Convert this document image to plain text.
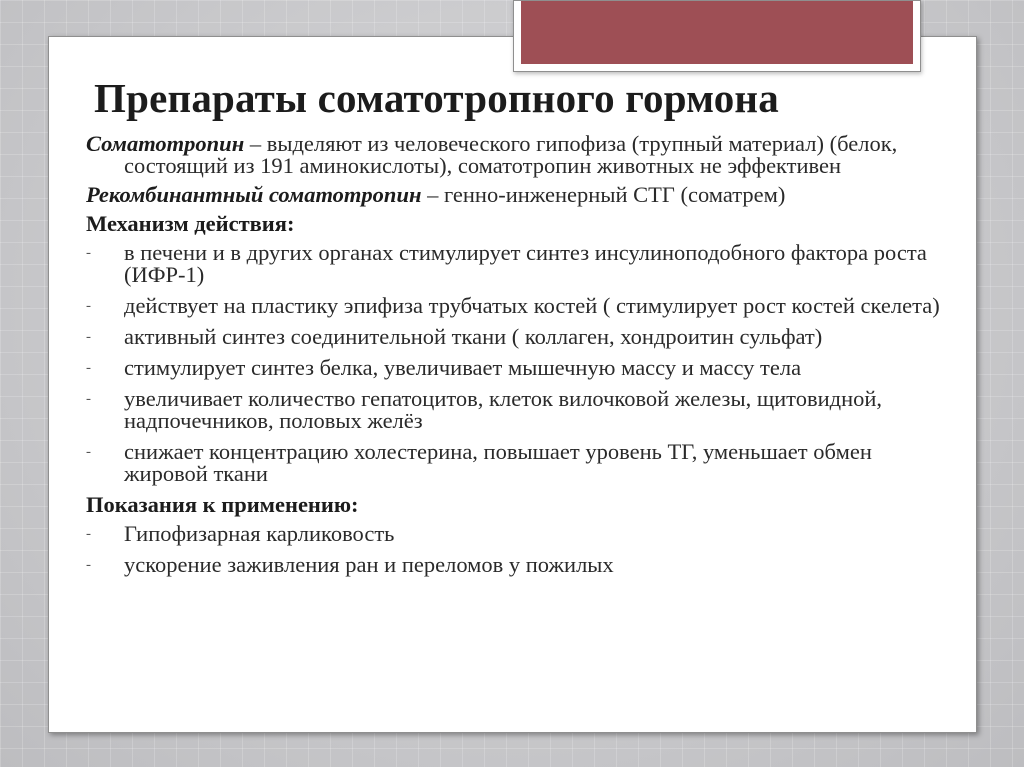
Препараты соматотропного гормона

Соматотропин – выделяют из человеческого гипофиза (трупный материал) (белок, состоящий из 191 аминокислоты), соматотропин животных не эффективен

Рекомбинантный соматотропин – генно-инженерный СТГ (соматрем)

Механизм действия:

-	в печени и в других органах стимулирует синтез инсулиноподобного фактора роста (ИФР-1)
-	действует на пластику эпифиза трубчатых костей ( стимулирует рост костей скелета)
-	активный синтез соединительной ткани ( коллаген, хондроитин сульфат)
-	стимулирует синтез белка, увеличивает мышечную массу и массу тела
-	увеличивает количество гепатоцитов, клеток вилочковой железы, щитовидной, надпочечников, половых желёз
-	снижает концентрацию холестерина, повышает уровень ТГ, уменьшает обмен жировой ткани

Показания к применению:

-	Гипофизарная карликовость
-	ускорение заживления ран и переломов у пожилых
